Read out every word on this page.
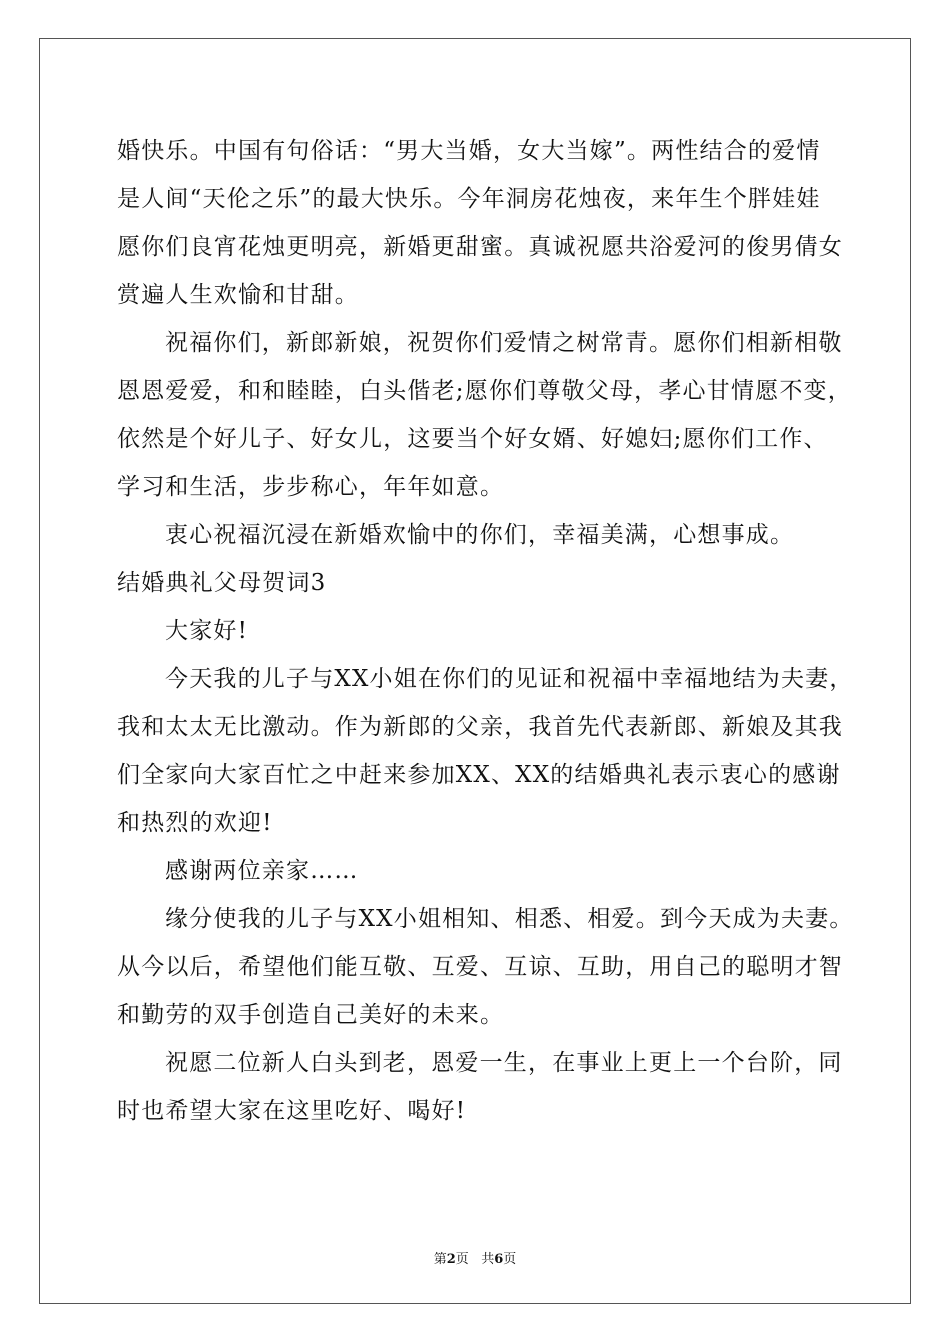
婚快乐。中国有句俗话：“男大当婚，女大当嫁”。两性结合的爱情
是人间“天伦之乐”的最大快乐。今年洞房花烛夜，来年生个胖娃娃
愿你们良宵花烛更明亮，新婚更甜蜜。真诚祝愿共浴爱河的俊男倩女
赏遍人生欢愉和甘甜。
祝福你们，新郎新娘，祝贺你们爱情之树常青。愿你们相新相敬
恩恩爱爱，和和睦睦，白头偕老;愿你们尊敬父母，孝心甘情愿不变，
依然是个好儿子、好女儿，这要当个好女婿、好媳妇;愿你们工作、
学习和生活，步步称心，年年如意。
衷心祝福沉浸在新婚欢愉中的你们，幸福美满，心想事成。
结婚典礼父母贺词3
大家好!
今天我的儿子与XX小姐在你们的见证和祝福中幸福地结为夫妻，
我和太太无比激动。作为新郎的父亲，我首先代表新郎、新娘及其我
们全家向大家百忙之中赶来参加XX、XX的结婚典礼表示衷心的感谢
和热烈的欢迎!
感谢两位亲家……
缘分使我的儿子与XX小姐相知、相悉、相爱。到今天成为夫妻。
从今以后，希望他们能互敬、互爱、互谅、互助，用自己的聪明才智
和勤劳的双手创造自己美好的未来。
祝愿二位新人白头到老，恩爱一生，在事业上更上一个台阶，同
时也希望大家在这里吃好、喝好!
第2页 共6页
